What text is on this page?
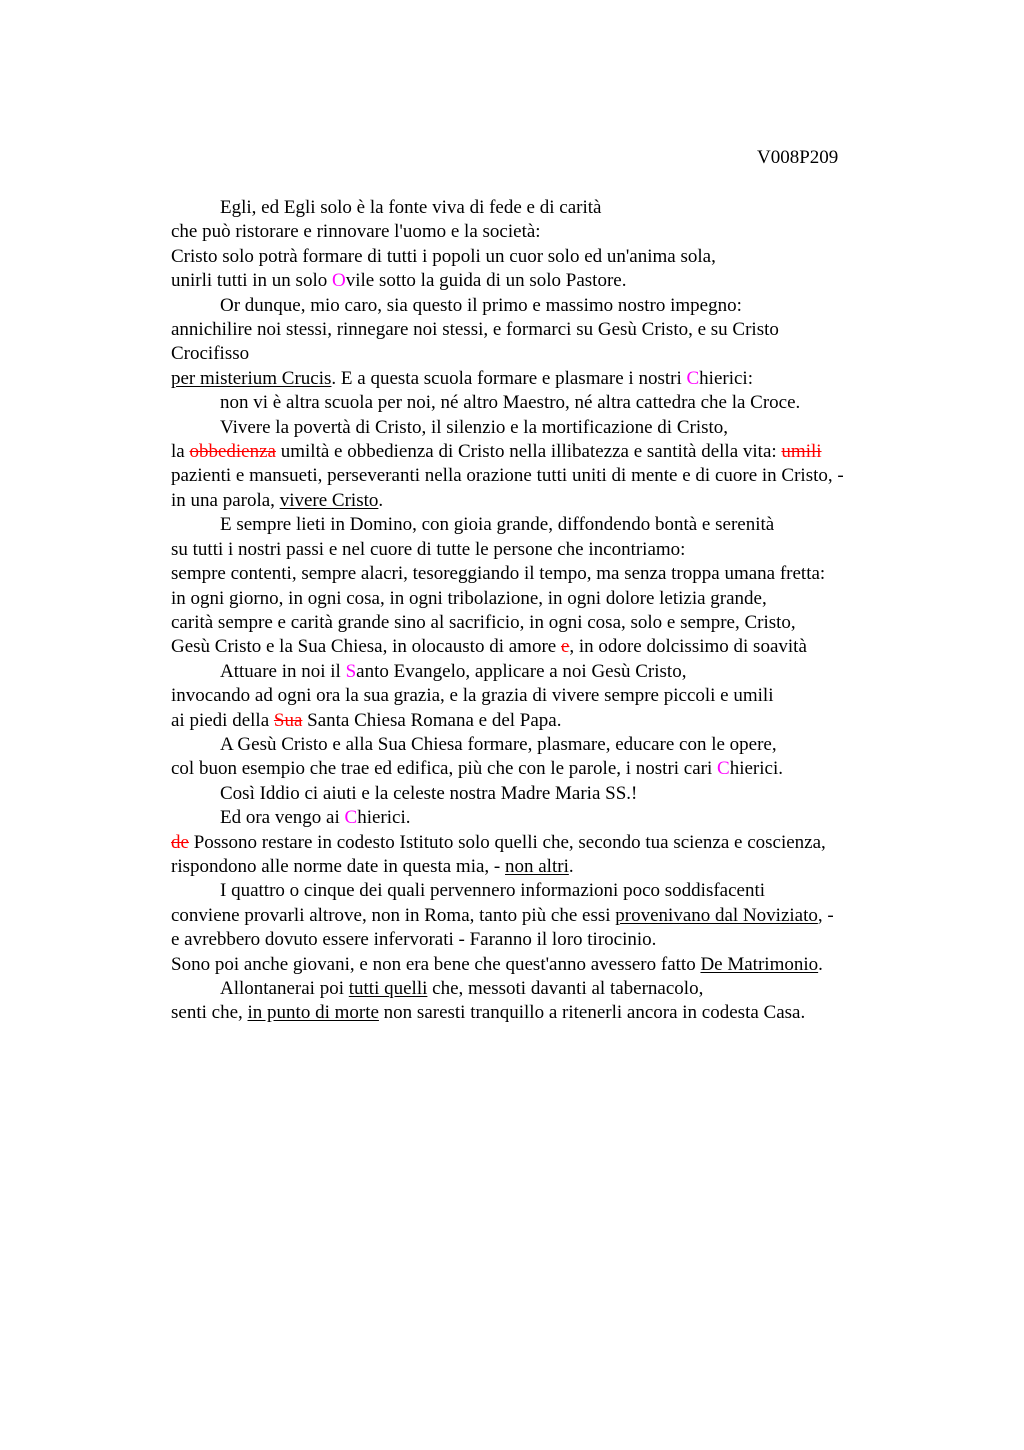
V008P209
Egli, ed Egli solo è la fonte viva di fede e di carità
che può ristorare e rinnovare l'uomo e la società:
Cristo solo potrà formare di tutti i popoli un cuor solo ed un'anima sola,
unirli tutti in un solo Ovile sotto la guida di un solo Pastore.
Or dunque, mio caro, sia questo il primo e massimo nostro impegno:
annichilire noi stessi, rinnegare noi stessi, e formarci su Gesù Cristo, e su Cristo
Crocifisso
per misterium Crucis. E a questa scuola formare e plasmare i nostri Chierici:
non vi è altra scuola per noi, né altro Maestro, né altra cattedra che la Croce.
Vivere la povertà di Cristo, il silenzio e la mortificazione di Cristo,
la obbedienza umiltà e obbedienza di Cristo nella illibatezza e santità della vita: umili
pazienti e mansueti, perseveranti nella orazione tutti uniti di mente e di cuore in Cristo, -
in una parola, vivere Cristo.
E sempre lieti in Domino, con gioia grande, diffondendo bontà e serenità
su tutti i nostri passi e nel cuore di tutte le persone che incontriamo:
sempre contenti, sempre alacri, tesoreggiando il tempo, ma senza troppa umana fretta:
in ogni giorno, in ogni cosa, in ogni tribolazione, in ogni dolore letizia grande,
carità sempre e carità grande sino al sacrificio, in ogni cosa, solo e sempre, Cristo,
Gesù Cristo e la Sua Chiesa, in olocausto di amore e, in odore dolcissimo di soavità
Attuare in noi il Santo Evangelo, applicare a noi Gesù Cristo,
invocando ad ogni ora la sua grazia, e la grazia di vivere sempre piccoli e umili
ai piedi della Sua Santa Chiesa Romana e del Papa.
A Gesù Cristo e alla Sua Chiesa formare, plasmare, educare con le opere,
col buon esempio che trae ed edifica, più che con le parole, i nostri cari Chierici.
Così Iddio ci aiuti e la celeste nostra Madre Maria SS.!
Ed ora vengo ai Chierici.
de Possono restare in codesto Istituto solo quelli che, secondo tua scienza e coscienza,
rispondono alle norme date in questa mia, - non altri.
I quattro o cinque dei quali pervennero informazioni poco soddisfacenti
conviene provarli altrove, non in Roma, tanto più che essi provenivano dal Noviziato, -
e avrebbero dovuto essere infervorati - Faranno il loro tirocinio.
Sono poi anche giovani, e non era bene che quest'anno avessero fatto De Matrimonio.
Allontanerai poi tutti quelli che, messoti davanti al tabernacolo,
senti che, in punto di morte non saresti tranquillo a ritenerli ancora in codesta Casa.
